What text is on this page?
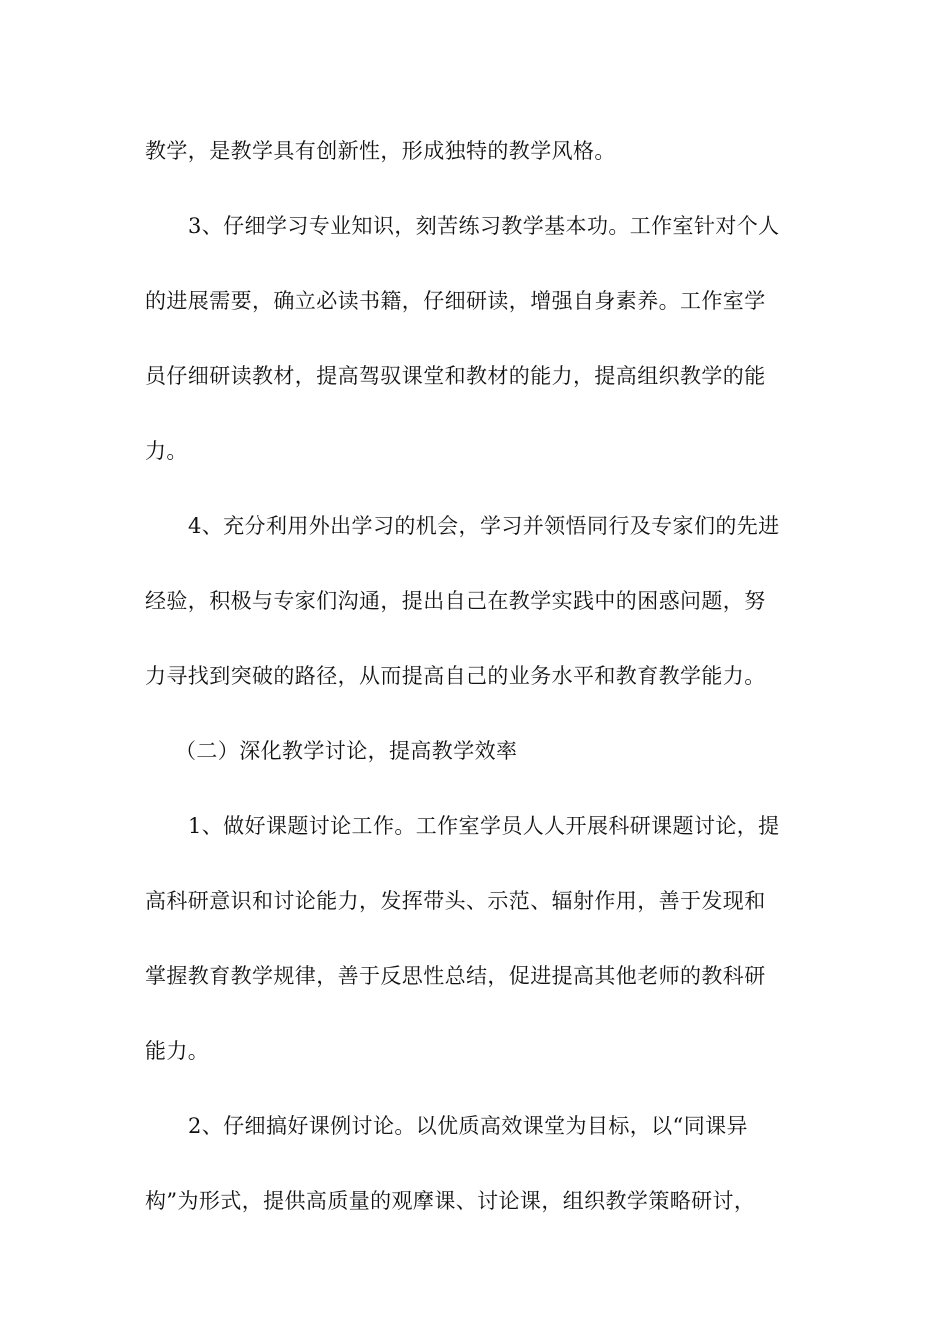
教学，是教学具有创新性，形成独特的教学风格。
3、仔细学习专业知识，刻苦练习教学基本功。工作室针对个人
的进展需要，确立必读书籍，仔细研读，增强自身素养。工作室学
员仔细研读教材，提高驾驭课堂和教材的能力，提高组织教学的能
力。
4、充分利用外出学习的机会，学习并领悟同行及专家们的先进
经验，积极与专家们沟通，提出自己在教学实践中的困惑问题，努
力寻找到突破的路径，从而提高自己的业务水平和教育教学能力。
（二）深化教学讨论，提高教学效率
1、做好课题讨论工作。工作室学员人人开展科研课题讨论，提
高科研意识和讨论能力，发挥带头、示范、辐射作用，善于发现和
掌握教育教学规律，善于反思性总结，促进提高其他老师的教科研
能力。
2、仔细搞好课例讨论。以优质高效课堂为目标，以“同课异
构”为形式，提供高质量的观摩课、讨论课，组织教学策略研讨，
